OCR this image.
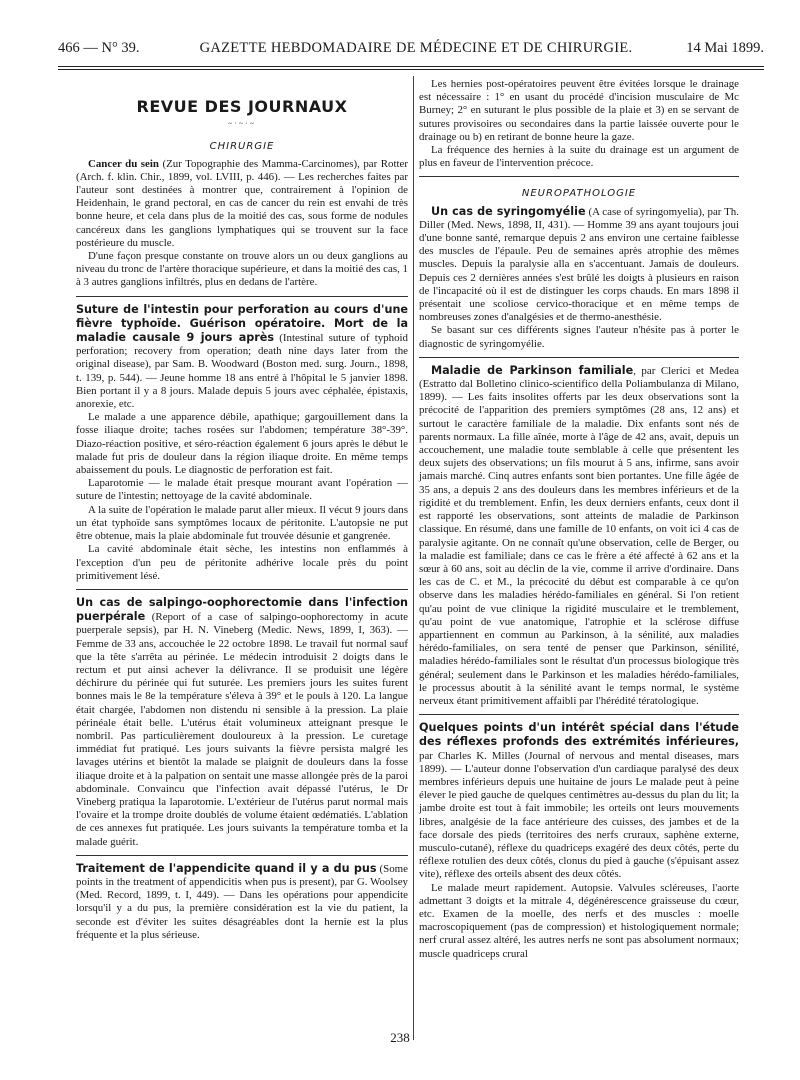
466 — N° 39.	GAZETTE HEBDOMADAIRE DE MÉDECINE ET DE CHIRURGIE.	14 Mai 1899.
REVUE DES JOURNAUX
~·~·~
CHIRURGIE

Cancer du sein (Zur Topographie des Mamma-Carcinomes), par Rotter (Arch. f. klin. Chir., 1899, vol. LVIII, p. 446). — Les recherches faites par l'auteur sont destinées à montrer que, contrairement à l'opinion de Heidenhain, le grand pectoral, en cas de cancer du rein est envahi de très bonne heure, et cela dans plus de la moitié des cas, sous forme de nodules cancéreux dans les ganglions lymphatiques qui se trouvent sur la face postérieure du muscle.

D'une façon presque constante on trouve alors un ou deux ganglions au niveau du tronc de l'artère thoracique supérieure, et dans la moitié des cas, 1 à 3 autres ganglions infiltrés, plus en dedans de l'artère.

Suture de l'intestin pour perforation au cours d'une fièvre typhoïde. Guérison opératoire. Mort de la maladie causale 9 jours après (Intestinal suture of typhoid perforation; recovery from operation; death nine days later from the original disease), par Sam. B. Woodward (Boston med. surg. Journ., 1898, t. 139, p. 544). — Jeune homme 18 ans entré à l'hôpital le 5 janvier 1898. Bien portant il y a 8 jours. Malade depuis 5 jours avec céphalée, épistaxis, anorexie, etc.

Le malade a une apparence débile, apathique; gargouillement dans la fosse iliaque droite; taches rosées sur l'abdomen; température 38°-39°. Diazo-réaction positive, et séro-réaction également 6 jours après le début le malade fut pris de douleur dans la région iliaque droite. En même temps abaissement du pouls. Le diagnostic de perforation est fait.

Laparotomie — le malade était presque mourant avant l'opération — suture de l'intestin; nettoyage de la cavité abdominale.

A la suite de l'opération le malade parut aller mieux. Il vécut 9 jours dans un état typhoïde sans symptômes locaux de péritonite. L'autopsie ne put être obtenue, mais la plaie abdominale fut trouvée désunie et gangrenée.

La cavité abdominale était sèche, les intestins non enflammés à l'exception d'un peu de péritonite adhérive locale près du point primitivement lésé.

Un cas de salpingo-oophorectomie dans l'infection puerpérale (Report of a case of salpingo-oophorectomy in acute puerperale sepsis), par H. N. Vineberg (Medic. News, 1899, I, 363). — Femme de 33 ans, accouchée le 22 octobre 1898. Le travail fut normal sauf que la tête s'arrêta au périnée. Le médecin introduisit 2 doigts dans le rectum et put ainsi achever la délivrance. Il se produisit une légère déchirure du périnée qui fut suturée. Les premiers jours les suites furent bonnes mais le 8e la température s'éleva à 39° et le pouls à 120. La langue était chargée, l'abdomen non distendu ni sensible à la pression. La plaie périnéale était belle. L'utérus était volumineux atteignant presque le nombril. Pas particulièrement douloureux à la pression. Le curetage immédiat fut pratiqué. Les jours suivants la fièvre persista malgré les lavages utérins et bientôt la malade se plaignit de douleurs dans la fosse iliaque droite et à la palpation on sentait une masse allongée près de la paroi abdominale. Convaincu que l'infection avait dépassé l'utérus, le Dr Vineberg pratiqua la laparotomie. L'extérieur de l'utérus parut normal mais l'ovaire et la trompe droite doublés de volume étaient œdématiés. L'ablation de ces annexes fut pratiquée. Les jours suivants la température tomba et la malade guérit.

Traitement de l'appendicite quand il y a du pus (Some points in the treatment of appendicitis when pus is present), par G. Woolsey (Med. Record, 1899, t. I, 449). — Dans les opérations pour appendicite lorsqu'il y a du pus, la première considération est la vie du patient, la seconde est d'éviter les suites désagréables dont la hernie est la plus fréquente et la plus sérieuse.

Les hernies post-opératoires peuvent être évitées lorsque le drainage est nécessaire : 1° en usant du procédé d'incision musculaire de Mc Burney; 2° en suturant le plus possible de la plaie et 3) en se servant de sutures provisoires ou secondaires dans la partie laissée ouverte pour le drainage ou b) en retirant de bonne heure la gaze.

La fréquence des hernies à la suite du drainage est un argument de plus en faveur de l'intervention précoce.

NEUROPATHOLOGIE

Un cas de syringomyélie (A case of syringomyelia), par Th. Diller (Med. News, 1898, II, 431). — Homme 39 ans ayant toujours joui d'une bonne santé, remarque depuis 2 ans environ une certaine faiblesse des muscles de l'épaule. Peu de semaines après atrophie des mêmes muscles. Depuis la paralysie alla en s'accentuant. Jamais de douleurs. Depuis ces 2 dernières années s'est brûlé les doigts à plusieurs en raison de l'incapacité où il est de distinguer les corps chauds. En mars 1898 il présentait une scoliose cervico-thoracique et en même temps de nombreuses zones d'analgésies et de thermo-anesthésie.

Se basant sur ces différents signes l'auteur n'hésite pas à porter le diagnostic de syringomyélie.

Maladie de Parkinson familiale, par Clerici et Medea (Estratto dal Bolletino clinico-scientifico della Poliambulanza di Milano, 1899). — Les faits insolites offerts par les deux observations sont la précocité de l'apparition des premiers symptômes (28 ans, 12 ans) et surtout le caractère familiale de la maladie. Dix enfants sont nés de parents normaux. La fille aînée, morte à l'âge de 42 ans, avait, depuis un accouchement, une maladie toute semblable à celle que présentent les deux sujets des observations; un fils mourut à 5 ans, infirme, sans avoir jamais marché. Cinq autres enfants sont bien portantes. Une fille âgée de 35 ans, a depuis 2 ans des douleurs dans les membres inférieurs et de la rigidité et du tremblement. Enfin, les deux derniers enfants, ceux dont il est rapporté les observations, sont atteints de maladie de Parkinson classique. En résumé, dans une famille de 10 enfants, on voit ici 4 cas de paralysie agitante. On ne connaît qu'une observation, celle de Berger, ou la maladie est familiale; dans ce cas le frère a été affecté à 62 ans et la sœur à 60 ans, soit au déclin de la vie, comme il arrive d'ordinaire. Dans les cas de C. et M., la précocité du début est comparable à ce qu'on observe dans les maladies hérédo-familiales en général. Si l'on retient qu'au point de vue clinique la rigidité musculaire et le tremblement, qu'au point de vue anatomique, l'atrophie et la sclérose diffuse appartiennent en commun au Parkinson, à la sénilité, aux maladies hérédo-familiales, on sera tenté de penser que Parkinson, sénilité, maladies hérédo-familiales sont le résultat d'un processus biologique très général; seulement dans le Parkinson et les maladies hérédo-familiales, le processus aboutit à la sénilité avant le temps normal, le système nerveux étant primitivement affaibli par l'hérédité tératologique.

Quelques points d'un intérêt spécial dans l'étude des réflexes profonds des extrémités inférieures, par Charles K. Milles (Journal of nervous and mental diseases, mars 1899). — L'auteur donne l'observation d'un cardiaque paralysé des deux membres inférieurs depuis une huitaine de jours Le malade peut à peine élever le pied gauche de quelques centimètres au-dessus du plan du lit; la jambe droite est tout à fait immobile; les orteils ont leurs mouvements libres, analgésie de la face antérieure des cuisses, des jambes et de la face dorsale des pieds (territoires des nerfs cruraux, saphène externe, musculo-cutané), réflexe du quadriceps exagéré des deux côtés, perte du réflexe rotulien des deux côtés, clonus du pied à gauche (s'épuisant assez vite), réflexe des orteils absent des deux côtés.

Le malade meurt rapidement. Autopsie. Valvules scléreuses, l'aorte admettant 3 doigts et la mitrale 4, dégénérescence graisseuse du cœur, etc. Examen de la moelle, des nerfs et des muscles : moelle macroscopiquement (pas de compression) et histologiquement normale; nerf crural assez altéré, les autres nerfs ne sont pas absolument normaux; muscle quadriceps crural

238
